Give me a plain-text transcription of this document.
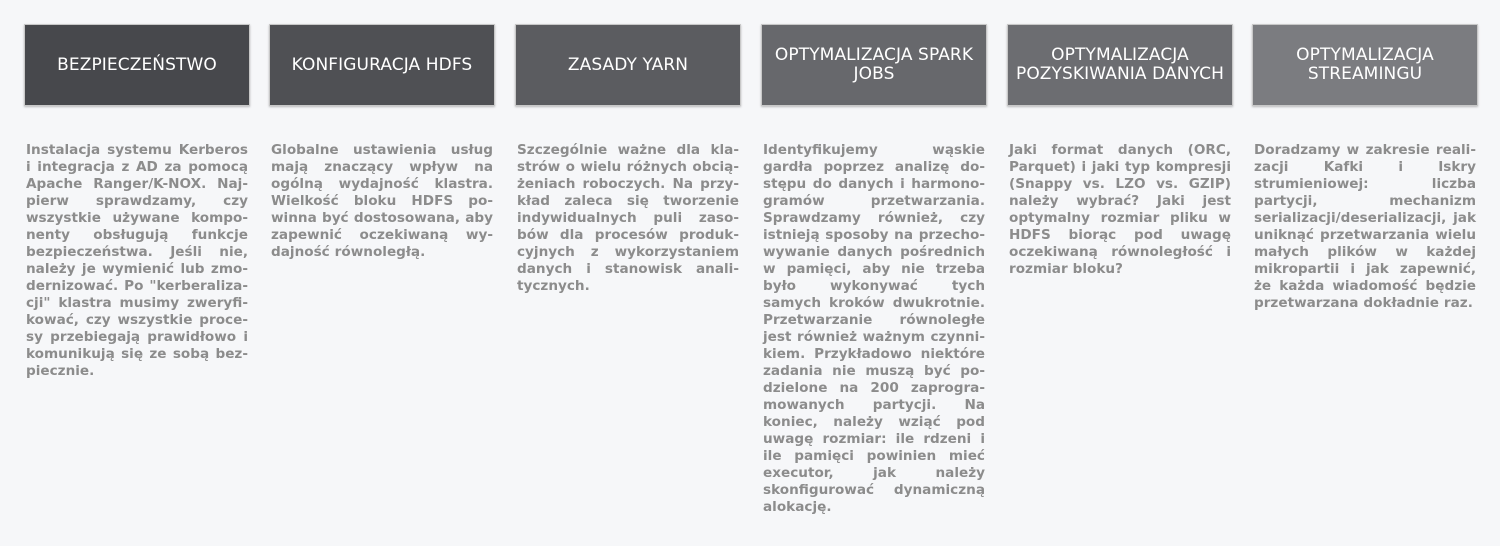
BEZPIECZEŃSTWO
Instalacja systemu Kerberos i integracja z AD za pomocą Apache Ranger/K-NOX. Najpierw sprawdzamy, czy wszystkie używane komponenty obsługują funkcje bezpieczeństwa. Jeśli nie, należy je wymienić lub zmodernizować. Po "kerberalizacji" klastra musimy zweryfikować, czy wszystkie procesy przebiegają prawidłowo i komunikują się ze sobą bezpiecznie.
KONFIGURACJA HDFS
Globalne ustawienia usług mają znaczący wpływ na ogólną wydajność klastra. Wielkość bloku HDFS powinna być dostosowana, aby zapewnić oczekiwaną wydajność równoległą.
ZASADY YARN
Szczególnie ważne dla klastrów o wielu różnych obciążeniach roboczych. Na przykład zaleca się tworzenie indywidualnych puli zasobów dla procesów produkcyjnych z wykorzystaniem danych i stanowisk analitycznych.
OPTYMALIZACJA SPARK JOBS
Identyfikujemy wąskie gardła poprzez analizę dostępu do danych i harmonogramów przetwarzania. Sprawdzamy również, czy istnieją sposoby na przechowywanie danych pośrednich w pamięci, aby nie trzeba było wykonywać tych samych kroków dwukrotnie. Przetwarzanie równoległe jest również ważnym czynnikiem. Przykładowo niektóre zadania nie muszą być podzielone na 200 zaprogramowanych partycji. Na koniec, należy wziąć pod uwagę rozmiar: ile rdzeni i ile pamięci powinien mieć executor, jak należy skonfigurować dynamiczną alokację.
OPTYMALIZACJA POZYSKIWANIA DANYCH
Jaki format danych (ORC, Parquet) i jaki typ kompresji (Snappy vs. LZO vs. GZIP) należy wybrać? Jaki jest optymalny rozmiar pliku w HDFS biorąc pod uwagę oczekiwaną równoległość i rozmiar bloku?
OPTYMALIZACJA STREAMINGU
Doradzamy w zakresie realizacji Kafki i Iskry strumieniowej: liczba partycji, mechanizm serializacji/deserializacji, jak uniknąć przetwarzania wielu małych plików w każdej mikropartii i jak zapewnić, że każda wiadomość będzie przetwarzana dokładnie raz.
